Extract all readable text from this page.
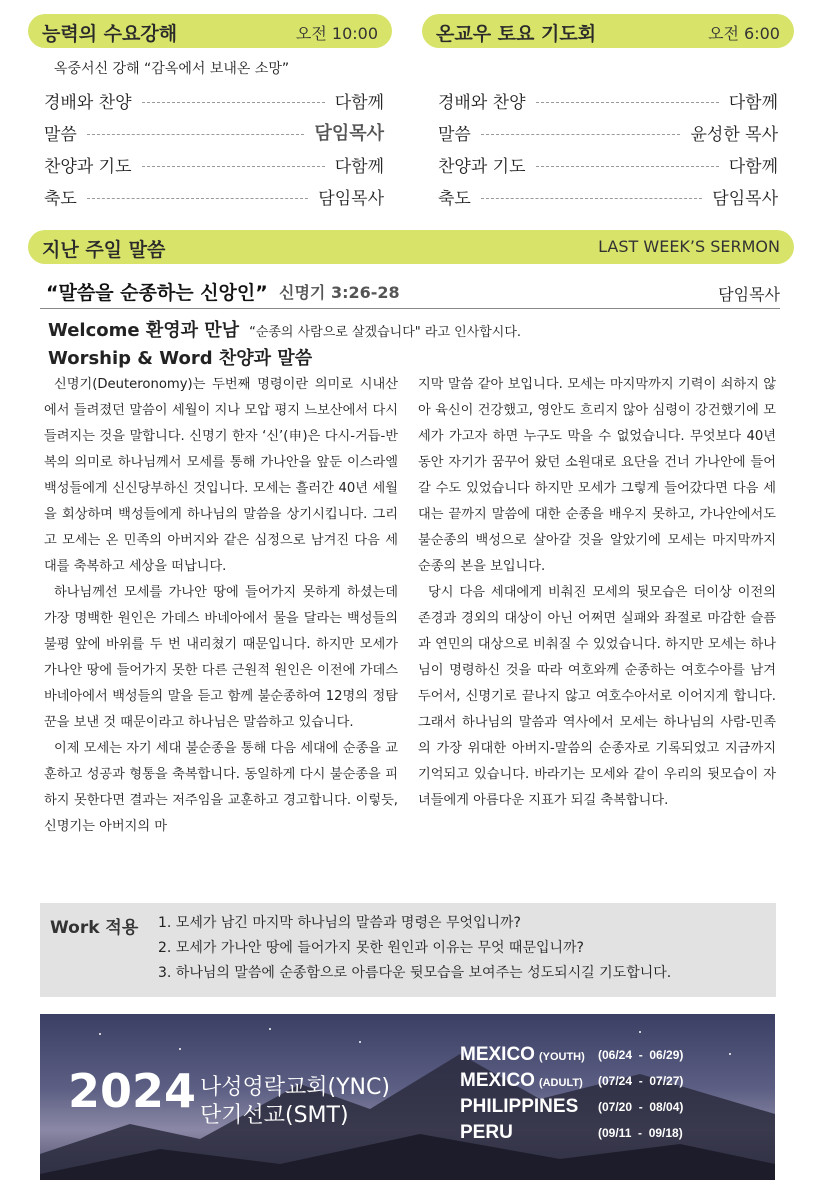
능력의 수요강해	오전 10:00
옥중서신 강해 “감옥에서 보내온 소망”
경배와 찬양	다함께
말씀	담임목사
찬양과 기도	다함께
축도	담임목사
온교우 토요 기도회	오전 6:00
경배와 찬양	다함께
말씀	윤성한 목사
찬양과 기도	다함께
축도	담임목사
지난 주일 말씀	LAST WEEK’S SERMON
“말씀을 순종하는 신앙인” 신명기 3:26-28	담임목사
Welcome 환영과 만남 “순종의 사람으로 살겠습니다" 라고 인사합시다.
Worship & Word 찬양과 말씀

신명기(Deuteronomy)는 두번째 명령이란 의미로 시내산에서 들려졌던 말씀이 세월이 지나 모압 평지 느보산에서 다시 들려지는 것을 말합니다. 신명기 한자 ‘신’(申)은 다시-거듭-반복의 의미로 하나님께서 모세를 통해 가나안을 앞둔 이스라엘 백성들에게 신신당부하신 것입니다. 모세는 흘러간 40년 세월을 회상하며 백성들에게 하나님의 말씀을 상기시킵니다. 그리고 모세는 온 민족의 아버지와 같은 심정으로 남겨진 다음 세대를 축복하고 세상을 떠납니다.

하나님께선 모세를 가나안 땅에 들어가지 못하게 하셨는데 가장 명백한 원인은 가데스 바네아에서 물을 달라는 백성들의 불평 앞에 바위를 두 번 내리쳤기 때문입니다. 하지만 모세가 가나안 땅에 들어가지 못한 다른 근원적 원인은 이전에 가데스 바네아에서 백성들의 말을 듣고 함께 불순종하여 12명의 정탐꾼을 보낸 것 때문이라고 하나님은 말씀하고 있습니다.

이제 모세는 자기 세대 불순종을 통해 다음 세대에 순종을 교훈하고 성공과 형통을 축복합니다. 동일하게 다시 불순종을 피하지 못한다면 결과는 저주임을 교훈하고 경고합니다. 이렇듯, 신명기는 아버지의 마

지막 말씀 같아 보입니다. 모세는 마지막까지 기력이 쇠하지 않아 육신이 건강했고, 영안도 흐리지 않아 심령이 강건했기에 모세가 가고자 하면 누구도 막을 수 없었습니다. 무엇보다 40년 동안 자기가 꿈꾸어 왔던 소원대로 요단을 건너 가나안에 들어갈 수도 있었습니다 하지만 모세가 그렇게 들어갔다면 다음 세대는 끝까지 말씀에 대한 순종을 배우지 못하고, 가나안에서도 불순종의 백성으로 살아갈 것을 알았기에 모세는 마지막까지 순종의 본을 보입니다.

당시 다음 세대에게 비춰진 모세의 뒷모습은 더이상 이전의 존경과 경외의 대상이 아닌 어쩌면 실패와 좌절로 마감한 슬픔과 연민의 대상으로 비춰질 수 있었습니다. 하지만 모세는 하나님이 명령하신 것을 따라 여호와께 순종하는 여호수아를 남겨두어서, 신명기로 끝나지 않고 여호수아서로 이어지게 합니다. 그래서 하나님의 말씀과 역사에서 모세는 하나님의 사람-민족의 가장 위대한 아버지-말씀의 순종자로 기록되었고 지금까지 기억되고 있습니다. 바라기는 모세와 같이 우리의 뒷모습이 자녀들에게 아름다운 지표가 되길 축복합니다.

Work 적용 1. 모세가 남긴 마지막 하나님의 말씀과 명령은 무엇입니까?
2. 모세가 가나안 땅에 들어가지 못한 원인과 이유는 무엇 때문입니까?
3. 하나님의 말씀에 순종함으로 아름다운 뒷모습을 보여주는 성도되시길 기도합니다.
2024 나성영락교회(YNC)
단기선교(SMT)
MEXICO (YOUTH) (06/24  -  06/29)
MEXICO (ADULT) (07/24  -  07/27)
PHILIPPINES	(07/20  -  08/04)
PERU	(09/11  -  09/18)
